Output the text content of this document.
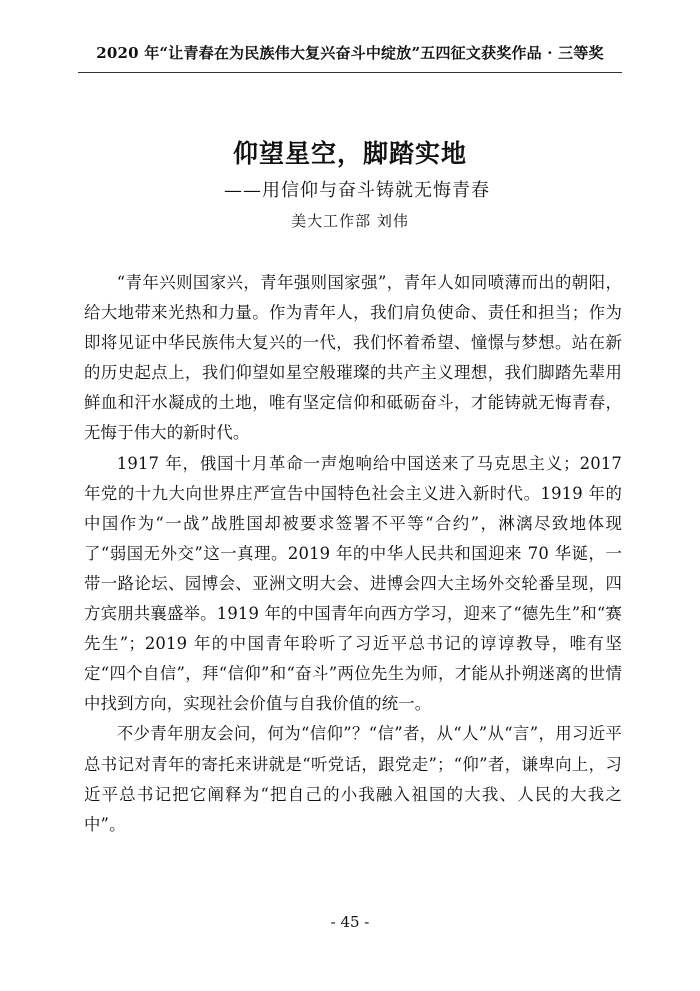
2020 年“让青春在为民族伟大复兴奋斗中绽放”五四征文获奖作品 · 三等奖
仰望星空，脚踏实地
——用信仰与奋斗铸就无悔青春
美大工作部 刘伟

“青年兴则国家兴，青年强则国家强”，青年人如同喷薄而出的朝阳，给大地带来光热和力量。作为青年人，我们肩负使命、责任和担当；作为即将见证中华民族伟大复兴的一代，我们怀着希望、憧憬与梦想。站在新的历史起点上，我们仰望如星空般璀璨的共产主义理想，我们脚踏先辈用鲜血和汗水凝成的土地，唯有坚定信仰和砥砺奋斗，才能铸就无悔青春，无悔于伟大的新时代。

1917 年，俄国十月革命一声炮响给中国送来了马克思主义；2017 年党的十九大向世界庄严宣告中国特色社会主义进入新时代。1919 年的中国作为“一战”战胜国却被要求签署不平等“合约”，淋漓尽致地体现了“弱国无外交”这一真理。2019 年的中华人民共和国迎来 70 华诞，一带一路论坛、园博会、亚洲文明大会、进博会四大主场外交轮番呈现，四方宾朋共襄盛举。1919 年的中国青年向西方学习，迎来了“德先生”和“赛先生”；2019 年的中国青年聆听了习近平总书记的谆谆教导，唯有坚定“四个自信”，拜“信仰”和“奋斗”两位先生为师，才能从扑朔迷离的世情中找到方向，实现社会价值与自我价值的统一。

不少青年朋友会问，何为“信仰”？“信”者，从“人”从“言”，用习近平总书记对青年的寄托来讲就是“听党话，跟党走”；“仰”者，谦卑向上，习近平总书记把它阐释为“把自己的小我融入祖国的大我、人民的大我之中”。

- 45 -
